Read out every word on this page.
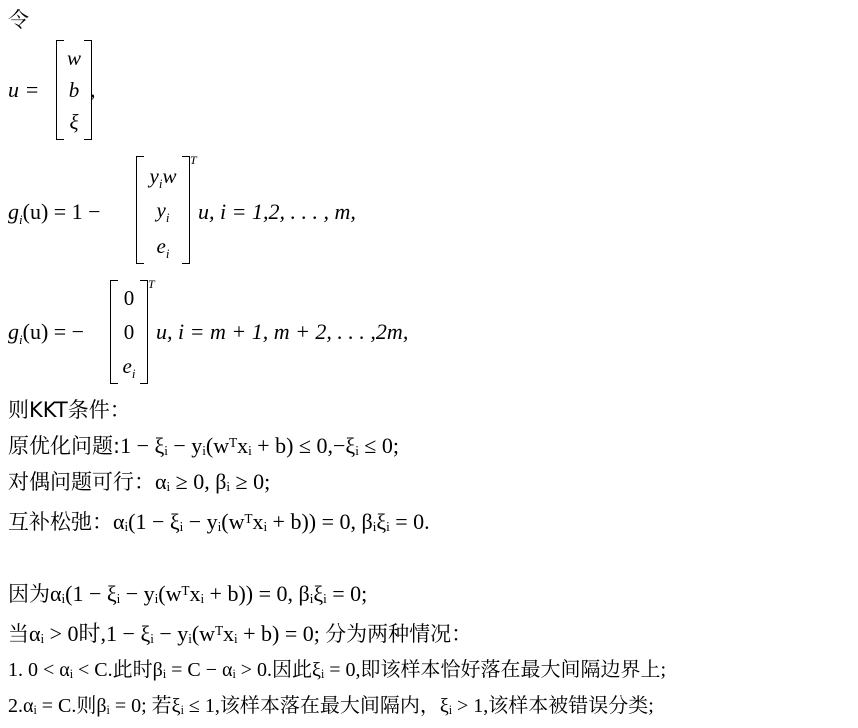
令
u =
w
b
ξ
,
$g_i(u) = 1$ −
$y_iw$
$y_i$
$e_i$
T
u, i = 1,2, . . . , m,
$g_i(u)$ = −
0
0
$e_i$
T
u, i = m + 1, m + 2, . . . ,2m,
则KKT条件：
原优化问题:1 − ξᵢ − yᵢ(wᵀxᵢ + b) ≤ 0,−ξᵢ ≤ 0;
对偶问题可行：αᵢ ≥ 0, βᵢ ≥ 0;
互补松弛：αᵢ(1 − ξᵢ − yᵢ(wᵀxᵢ + b)) = 0, βᵢξᵢ = 0.
因为αᵢ(1 − ξᵢ − yᵢ(wᵀxᵢ + b)) = 0, βᵢξᵢ = 0;
当αᵢ > 0时,1 − ξᵢ − yᵢ(wᵀxᵢ + b) = 0; 分为两种情况：
1. 0 < αᵢ < C.此时βᵢ = C − αᵢ > 0.因此ξᵢ = 0,即该样本恰好落在最大间隔边界上;
2.αᵢ = C.则βᵢ = 0; 若ξᵢ ≤ 1,该样本落在最大间隔内，ξᵢ > 1,该样本被错误分类;
